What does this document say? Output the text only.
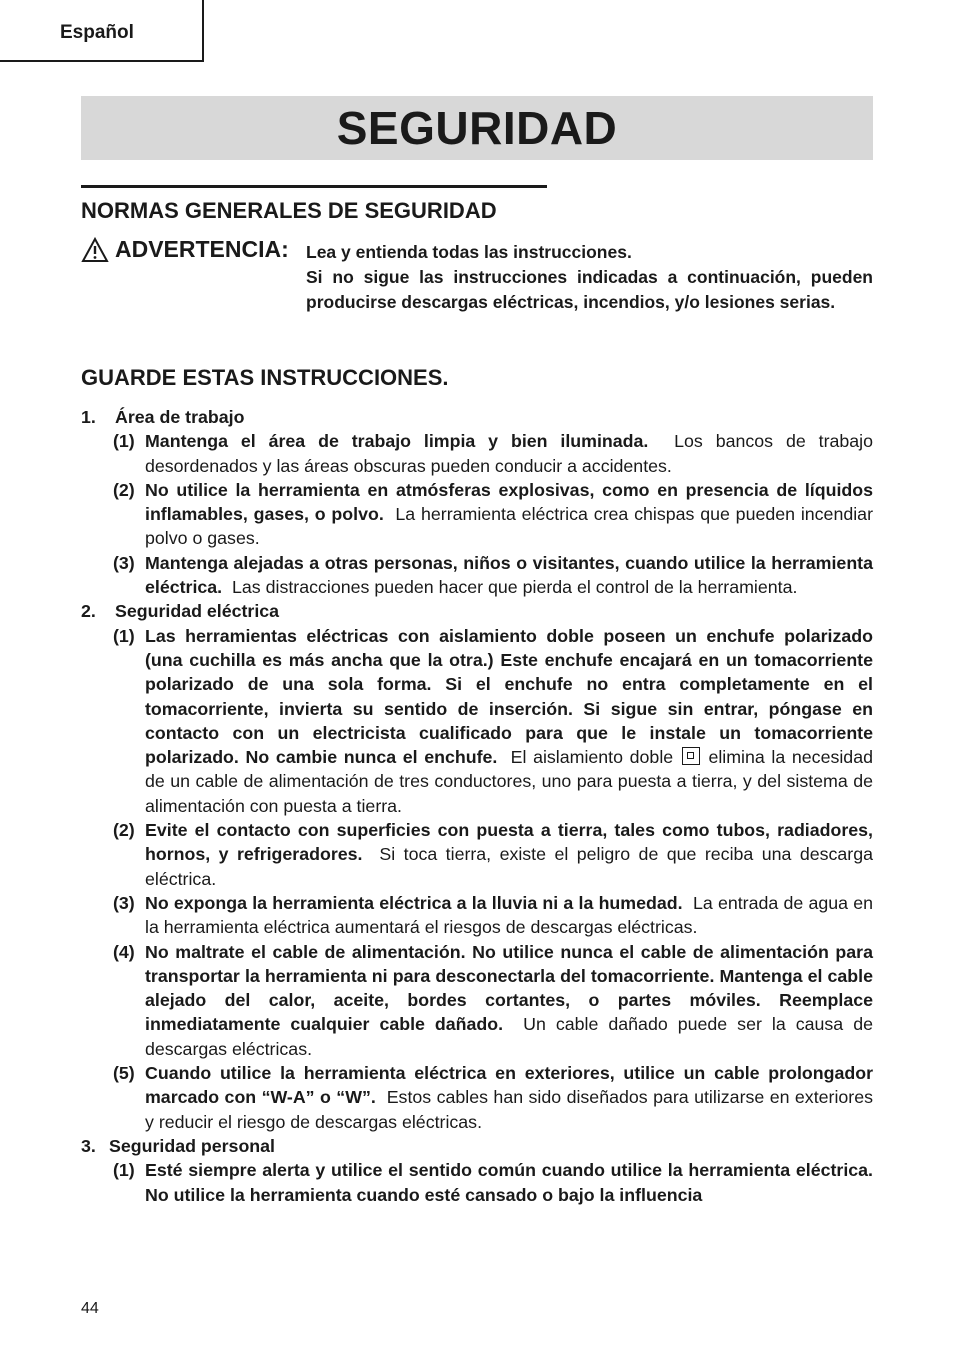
Español
SEGURIDAD
NORMAS GENERALES DE SEGURIDAD
ADVERTENCIA: Lea y entienda todas las instrucciones.
Si no sigue las instrucciones indicadas a continuación, pueden producirse descargas eléctricas, incendios, y/o lesiones serias.
GUARDE ESTAS INSTRUCCIONES.
1.	Área de trabajo
(1) Mantenga el área de trabajo limpia y bien iluminada. Los bancos de trabajo desordenados y las áreas obscuras pueden conducir a accidentes.
(2) No utilice la herramienta en atmósferas explosivas, como en presencia de líquidos inflamables, gases, o polvo. La herramienta eléctrica crea chispas que pueden incendiar polvo o gases.
(3) Mantenga alejadas a otras personas, niños o visitantes, cuando utilice la herramienta eléctrica. Las distracciones pueden hacer que pierda el control de la herramienta.
2.	Seguridad eléctrica
(1) Las herramientas eléctricas con aislamiento doble poseen un enchufe polarizado (una cuchilla es más ancha que la otra.) Este enchufe encajará en un tomacorriente polarizado de una sola forma. Si el enchufe no entra completamente en el tomacorriente, invierta su sentido de inserción. Si sigue sin entrar, póngase en contacto con un electricista cualificado para que le instale un tomacorriente polarizado. No cambie nunca el enchufe. El aislamiento doble elimina la necesidad de un cable de alimentación de tres conductores, uno para puesta a tierra, y del sistema de alimentación con puesta a tierra.
(2) Evite el contacto con superficies con puesta a tierra, tales como tubos, radiadores, hornos, y refrigeradores. Si toca tierra, existe el peligro de que reciba una descarga eléctrica.
(3) No exponga la herramienta eléctrica a la lluvia ni a la humedad. La entrada de agua en la herramienta eléctrica aumentará el riesgos de descargas eléctricas.
(4) No maltrate el cable de alimentación. No utilice nunca el cable de alimentación para transportar la herramienta ni para desconectarla del tomacorriente. Mantenga el cable alejado del calor, aceite, bordes cortantes, o partes móviles. Reemplace inmediatamente cualquier cable dañado. Un cable dañado puede ser la causa de descargas eléctricas.
(5) Cuando utilice la herramienta eléctrica en exteriores, utilice un cable prolongador marcado con “W-A” o “W”. Estos cables han sido diseñados para utilizarse en exteriores y reducir el riesgo de descargas eléctricas.
3. Seguridad personal
(1) Esté siempre alerta y utilice el sentido común cuando utilice la herramienta eléctrica. No utilice la herramienta cuando esté cansado o bajo la influencia
44
